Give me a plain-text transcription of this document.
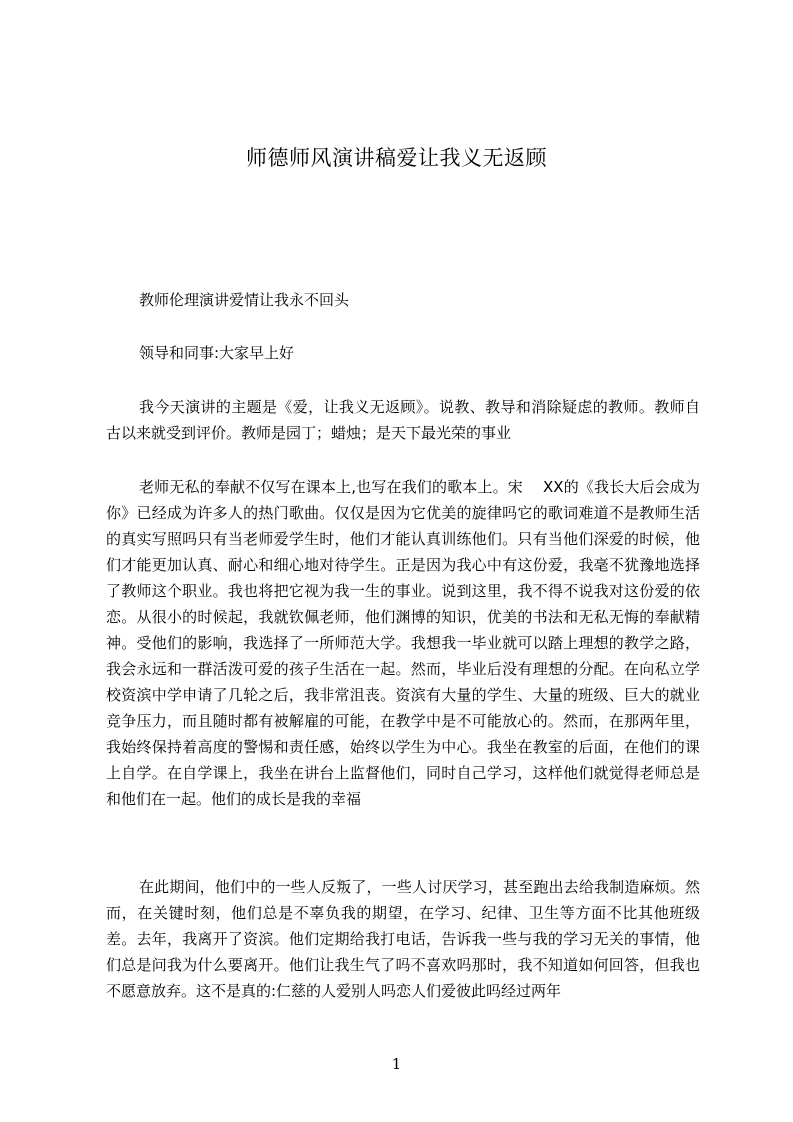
师德师风演讲稿爱让我义无返顾
教师伦理演讲爱情让我永不回头
领导和同事:大家早上好
我今天演讲的主题是《爱，让我义无返顾》。说教、教导和消除疑虑的教师。教师自古以来就受到评价。教师是园丁；蜡烛；是天下最光荣的事业
老师无私的奉献不仅写在课本上,也写在我们的歌本上。宋　 XX的《我长大后会成为你》已经成为许多人的热门歌曲。仅仅是因为它优美的旋律吗它的歌词难道不是教师生活的真实写照吗只有当老师爱学生时，他们才能认真训练他们。只有当他们深爱的时候，他们才能更加认真、耐心和细心地对待学生。正是因为我心中有这份爱，我毫不犹豫地选择了教师这个职业。我也将把它视为我一生的事业。说到这里，我不得不说我对这份爱的依恋。从很小的时候起，我就钦佩老师，他们渊博的知识，优美的书法和无私无悔的奉献精神。受他们的影响，我选择了一所师范大学。我想我一毕业就可以踏上理想的教学之路，我会永远和一群活泼可爱的孩子生活在一起。然而，毕业后没有理想的分配。在向私立学校资滨中学申请了几轮之后，我非常沮丧。资滨有大量的学生、大量的班级、巨大的就业竞争压力，而且随时都有被解雇的可能，在教学中是不可能放心的。然而，在那两年里，我始终保持着高度的警惕和责任感，始终以学生为中心。我坐在教室的后面，在他们的课上自学。在自学课上，我坐在讲台上监督他们，同时自己学习，这样他们就觉得老师总是和他们在一起。他们的成长是我的幸福
在此期间，他们中的一些人反叛了，一些人讨厌学习，甚至跑出去给我制造麻烦。然而，在关键时刻，他们总是不辜负我的期望，在学习、纪律、卫生等方面不比其他班级差。去年，我离开了资滨。他们定期给我打电话，告诉我一些与我的学习无关的事情，他们总是问我为什么要离开。他们让我生气了吗不喜欢吗那时，我不知道如何回答，但我也不愿意放弃。这不是真的:仁慈的人爱别人吗恋人们爱彼此吗经过两年
1
